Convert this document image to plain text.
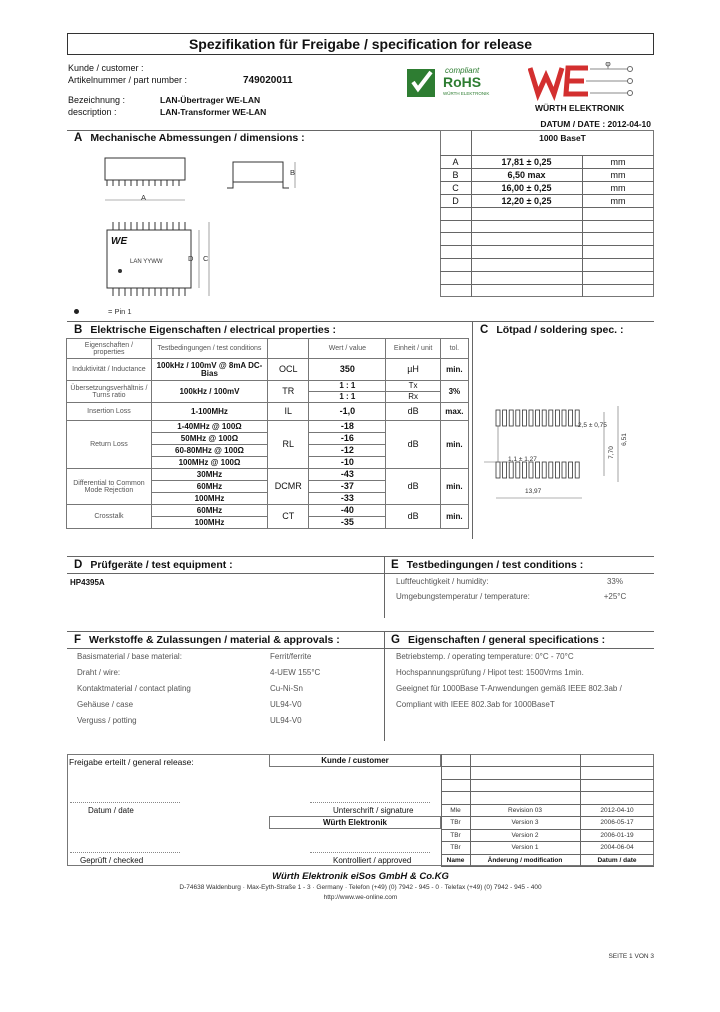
Spezifikation für Freigabe / specification for release
Kunde / customer :
Artikelnummer / part number :	749020011
Bezeichnung :	LAN-Übertrager WE-LAN
description :	LAN-Transformer WE-LAN
compliant
RoHS
WÜRTH ELEKTRONIK
WÜRTH ELEKTRONIK
DATUM / DATE : 2012-04-10
A Mechanische Abmessungen / dimensions :	1000 BaseT
A	17,81 ± 0,25	mm
B	6,50 max	mm
C	16,00 ± 0,25	mm
D	12,20 ± 0,25	mm
A
B
D C
WE
LAN YYWW
= Pin 1
B Elektrische Eigenschaften / electrical properties :	C Lötpad / soldering spec. :
Eigenschaften / properties	Testbedingungen / test conditions		Wert / value	Einheit / unit	tol.
Induktivität / Inductance	100kHz / 100mV @ 8mA DC-Bias	OCL	350	µH	min.
Übersetzungsverhältnis / Turns ratio	100kHz / 100mV	TR	1 : 1	Tx	3%
			1 : 1	Rx	
Insertion Loss	1-100MHz	IL	-1,0	dB	max.
Return Loss	1-40MHz @ 100Ω	RL	-18	dB	min.
	50MHz @ 100Ω		-16		
	60-80MHz @ 100Ω		-12		
	100MHz @ 100Ω		-10		
Differential to Common Mode Rejection	30MHz	DCMR	-43	dB	min.
	60MHz		-37		
	100MHz		-33		
Crosstalk	60MHz	CT	-40	dB	min.
	100MHz		-35		
2,5 ± 0,75
7,70
6,51
1,1 ± 1,27
13,97
D Prüfgeräte / test equipment :
HP4395A
E Testbedingungen / test conditions :
Luftfeuchtigkeit / humidity:	33%
Umgebungstemperatur / temperature:	+25°C
F Werkstoffe & Zulassungen / material & approvals :
Basismaterial / base material:	Ferrit/ferrite
Draht / wire:	4-UEW 155°C
Kontaktmaterial / contact plating	Cu-Ni-Sn
Gehäuse / case	UL94-V0
Verguss / potting	UL94-V0
G Eigenschaften / general specifications :
Betriebstemp. / operating temperature: 0°C - 70°C
Hochspannungsprüfung / Hipot test: 1500Vrms 1min.
Geeignet für 1000Base T-Anwendungen gemäß IEEE 802.3ab /
Compliant with IEEE 802.3ab for 1000BaseT
Freigabe erteilt / general release:	Kunde / customer
Datum / date	Unterschrift / signature
Würth Elektronik
Geprüft / checked	Kontrolliert / approved
Mle	Revision 03	2012-04-10
TBr	Version 3	2006-05-17
TBr	Version 2	2006-01-19
TBr	Version 1	2004-06-04
Name	Änderung / modification	Datum / date
Würth Elektronik eiSos GmbH & Co.KG
D-74638 Waldenburg · Max-Eyth-Straße 1 - 3 · Germany · Telefon (+49) (0) 7942 - 945 - 0 · Telefax (+49) (0) 7942 - 945 - 400
http://www.we-online.com
SEITE 1 VON 3
